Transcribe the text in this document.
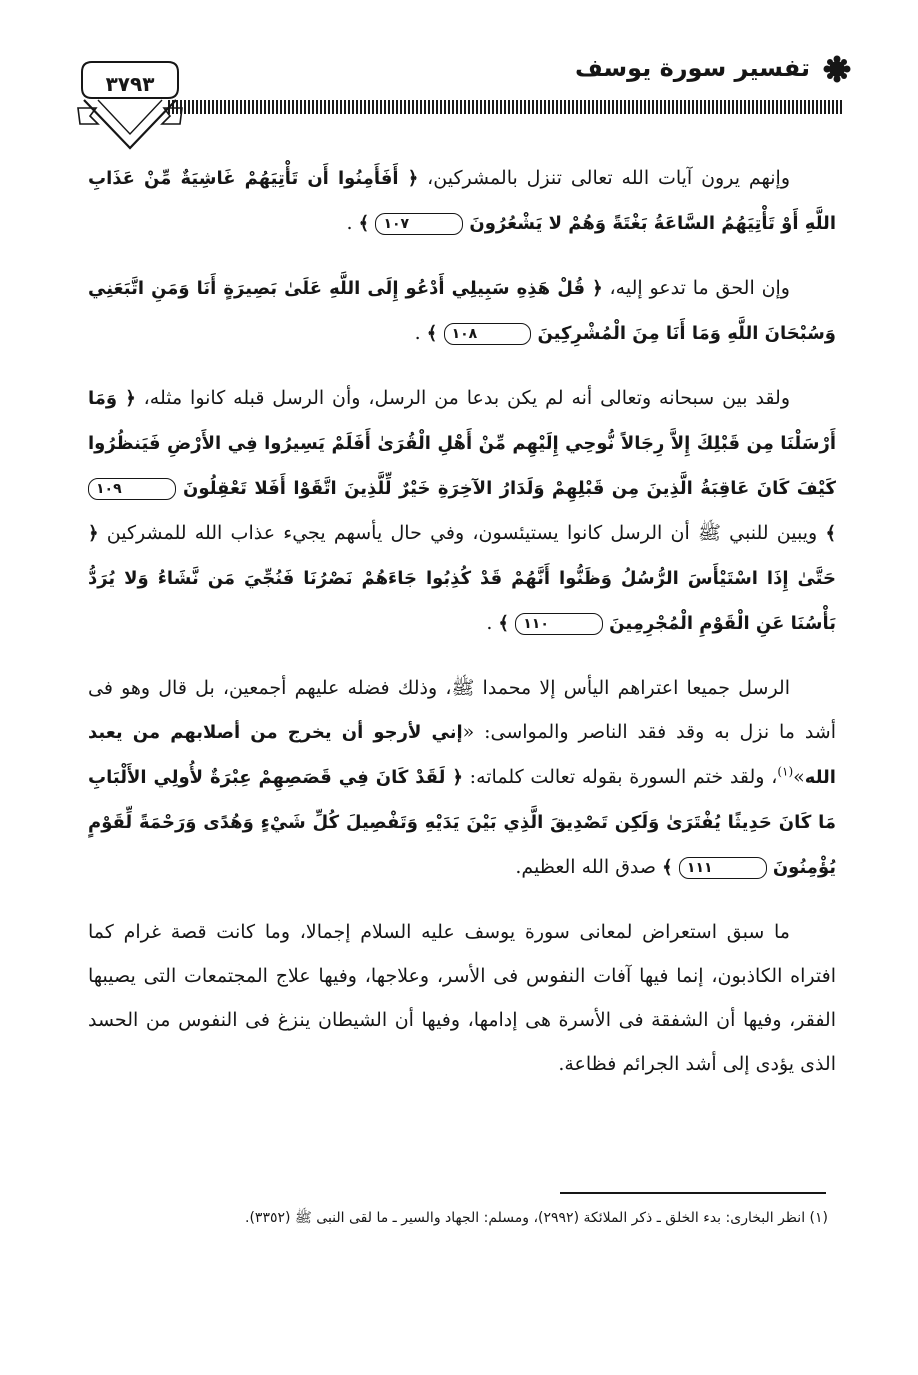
تفسير سورة يوسف
٣٧٩٣

وإنهم يرون آيات الله تعالى تنزل بالمشركين، ﴿ أَفَأَمِنُوا أَن تَأْتِيَهُمْ غَاشِيَةٌ مِّنْ عَذَابِ اللَّهِ أَوْ تَأْتِيَهُمُ السَّاعَةُ بَغْتَةً وَهُمْ لا يَشْعُرُونَ ١٠٧ ﴾ .

وإن الحق ما تدعو إليه، ﴿ قُلْ هَذِهِ سَبِيلِي أَدْعُو إِلَى اللَّهِ عَلَىٰ بَصِيرَةٍ أَنَا وَمَنِ اتَّبَعَنِي وَسُبْحَانَ اللَّهِ وَمَا أَنَا مِنَ الْمُشْرِكِينَ ١٠٨ ﴾ .

ولقد بين سبحانه وتعالى أنه لم يكن بدعا من الرسل، وأن الرسل قبله كانوا مثله، ﴿ وَمَا أَرْسَلْنَا مِن قَبْلِكَ إِلاَّ رِجَالاً نُّوحِي إِلَيْهِم مِّنْ أَهْلِ الْقُرَىٰ أَفَلَمْ يَسِيرُوا فِي الأَرْضِ فَيَنظُرُوا كَيْفَ كَانَ عَاقِبَةُ الَّذِينَ مِن قَبْلِهِمْ وَلَدَارُ الآخِرَةِ خَيْرٌ لِّلَّذِينَ اتَّقَوْا أَفَلا تَعْقِلُونَ ١٠٩ ﴾ ويبين للنبي ﷺ أن الرسل كانوا يستيئسون، وفي حال يأسهم يجيء عذاب الله للمشركين ﴿ حَتَّىٰ إِذَا اسْتَيْأَسَ الرُّسُلُ وَظَنُّوا أَنَّهُمْ قَدْ كُذِبُوا جَاءَهُمْ نَصْرُنَا فَنُجِّيَ مَن نَّشَاءُ وَلا يُرَدُّ بَأْسُنَا عَنِ الْقَوْمِ الْمُجْرِمِينَ ١١٠ ﴾ .

الرسل جميعا اعتراهم اليأس إلا محمدا ﷺ، وذلك فضله عليهم أجمعين، بل قال وهو فى أشد ما نزل به وقد فقد الناصر والمواسى: «إني لأرجو أن يخرج من أصلابهم من يعبد الله»$^{(١)}$، ولقد ختم السورة بقوله تعالت كلماته: ﴿ لَقَدْ كَانَ فِي قَصَصِهِمْ عِبْرَةٌ لأُولِي الأَلْبَابِ مَا كَانَ حَدِيثًا يُفْتَرَىٰ وَلَكِن تَصْدِيقَ الَّذِي بَيْنَ يَدَيْهِ وَتَفْصِيلَ كُلِّ شَيْءٍ وَهُدًى وَرَحْمَةً لِّقَوْمٍ يُؤْمِنُونَ ١١١ ﴾ صدق الله العظيم.

ما سبق استعراض لمعانى سورة يوسف عليه السلام إجمالا، وما كانت قصة غرام كما افتراه الكاذبون، إنما فيها آفات النفوس فى الأسر، وعلاجها، وفيها علاج المجتمعات التى يصيبها الفقر، وفيها أن الشفقة فى الأسرة هى إدامها، وفيها أن الشيطان ينزغ فى النفوس من الحسد الذى يؤدى إلى أشد الجرائم فظاعة.

(١) انظر البخارى: بدء الخلق ـ ذكر الملائكة (٢٩٩٢)، ومسلم: الجهاد والسير ـ ما لقى النبى ﷺ (٣٣٥٢).
